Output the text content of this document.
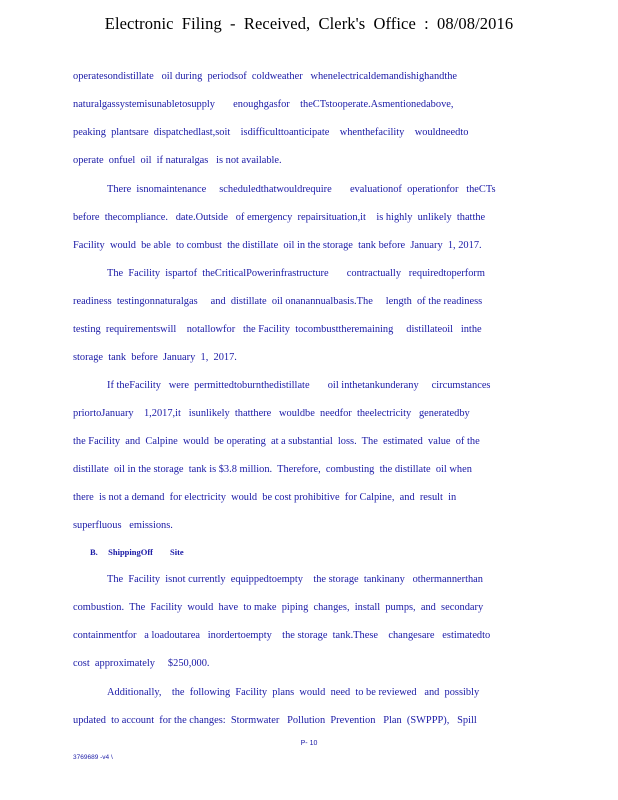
Electronic Filing - Received, Clerk's Office : 08/08/2016
operatesondistillate   oil during  periodsof  coldweather   whenelectricaldemandishighandthe
naturalgassystemisunabletosupply       enoughgasfor    theCTstooperate.Asmentionedabove,
peaking  plantsare  dispatchedlast,soit    isdifficulttoanticipate    whenthefacility    wouldneedto
operate  onfuel  oil  if naturalgas   is not available.
There  isnomaintenance     scheduledthatwouldrequire       evaluationof  operationfor   theCTs
before  thecompliance.   date.Outside   of emergency  repairsituation,it    is highly  unlikely  thatthe
Facility  would  be able  to combust  the distillate  oil in the storage  tank before  January  1, 2017.
The  Facility  ispartof  theCriticalPowerinfrastructure       contractually   requiredtoperform
readiness  testingonnaturalgas     and  distillate  oil onanannualbasis.The     length  of the readiness
testing  requirementswill    notallowfor   the Facility  tocombusttheremaining     distillateoil   inthe
storage  tank  before  January  1,  2017.
If theFacility   were  permittedtoburnthedistillate       oil inthetankunderany     circumstances
priortoJanuary    1,2017,it   isunlikely  thatthere   wouldbe  needfor  theelectricity   generatedby
the Facility  and  Calpine  would  be operating  at a substantial  loss.  The  estimated  value  of the
distillate  oil in the storage  tank is $3.8 million.  Therefore,  combusting  the distillate  oil when
there  is not a demand  for electricity  would  be cost prohibitive  for Calpine,  and  result  in
superfluous   emissions.
B. ShippingOff        Site
The  Facility  isnot currently  equippedtoempty    the storage  tankinany   othermannerthan
combustion.  The  Facility  would  have  to make  piping  changes,  install  pumps,  and  secondary
containmentfor   a loadoutarea   inordertoempty    the storage  tank.These    changesare   estimatedto
cost  approximately     $250,000.
Additionally,    the  following  Facility  plans  would  need  to be reviewed   and  possibly
updated  to account  for the changes:  Stormwater   Pollution  Prevention   Plan  (SWPPP),   Spill
P- 10
3769689 -v4 \
